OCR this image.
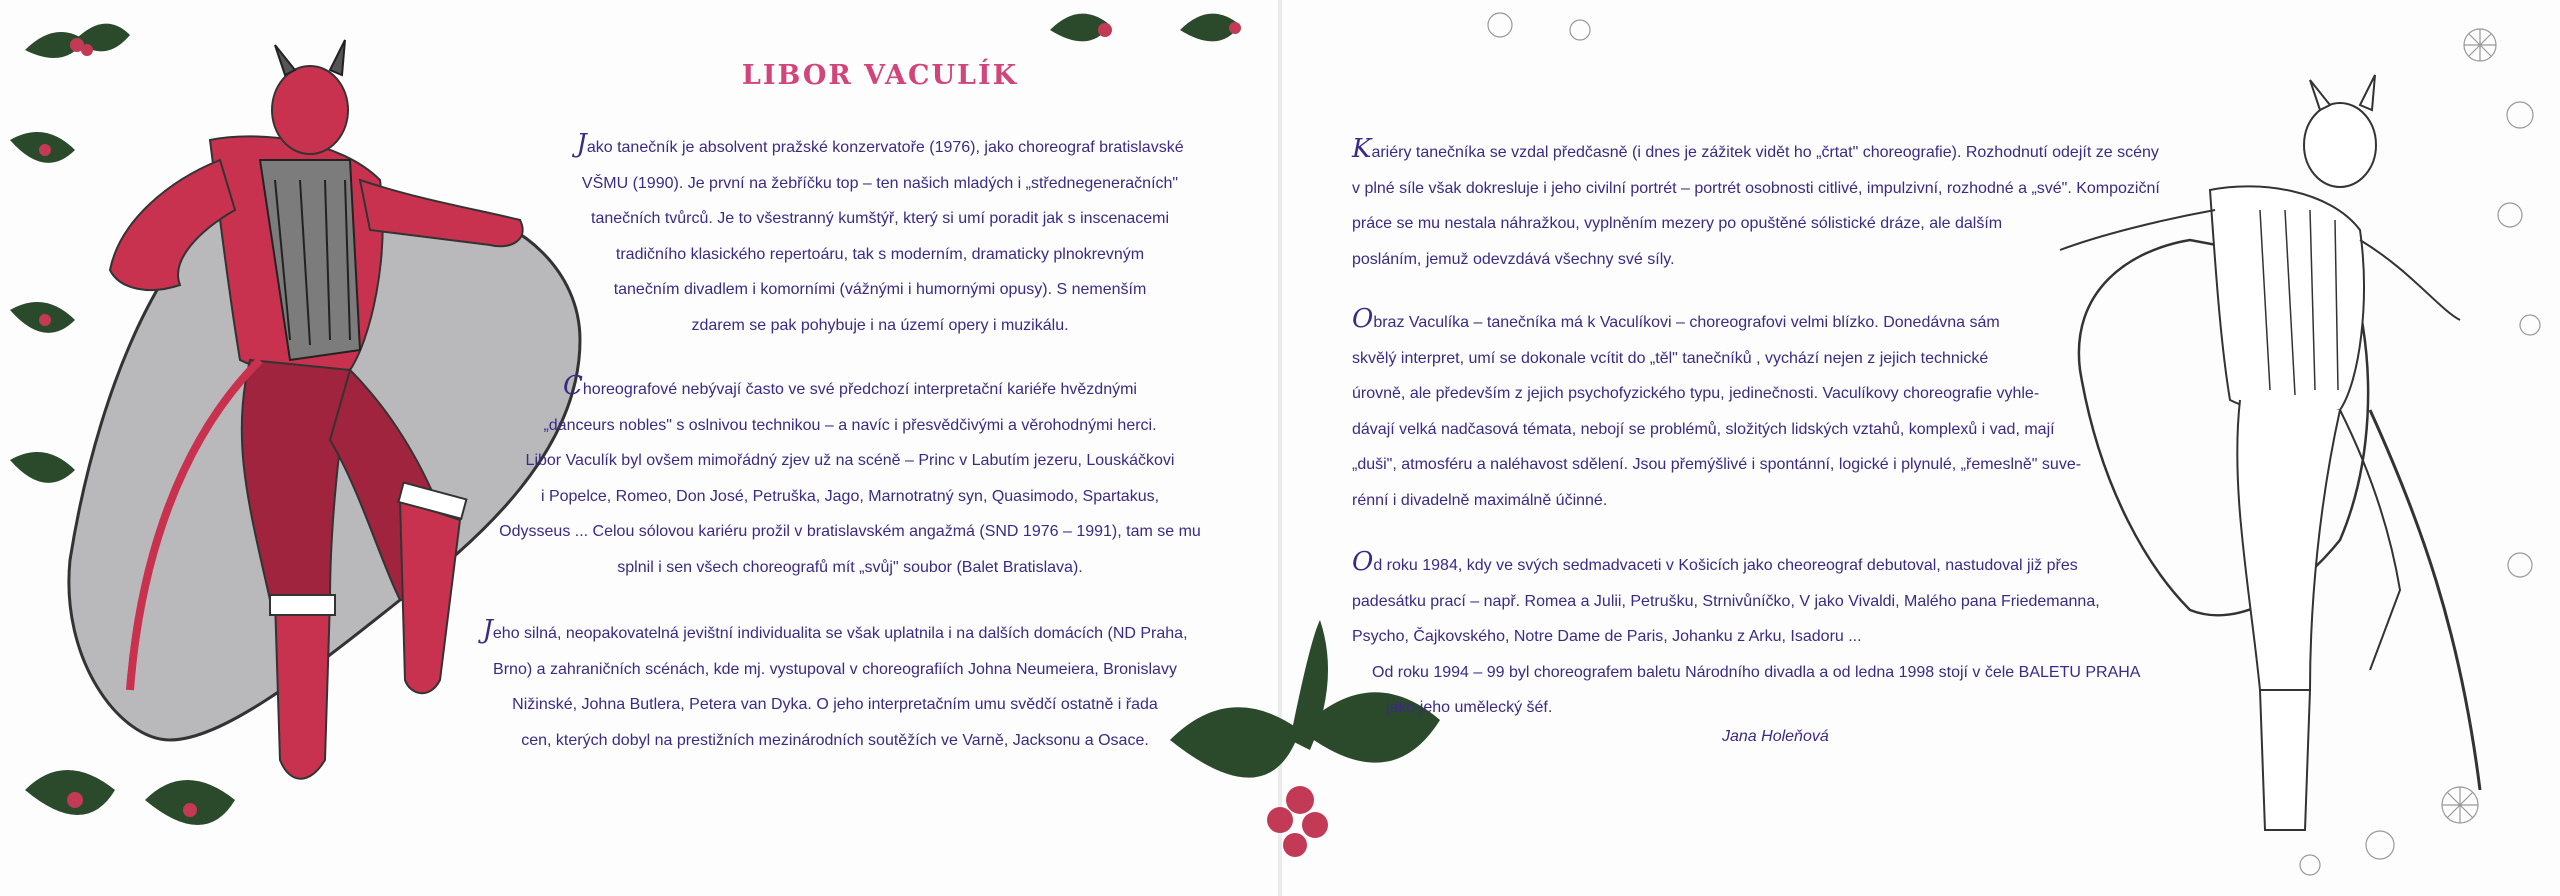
LIBOR VACULÍK
Jako tanečník je absolvent pražské konzervatoře (1976), jako choreograf bratislavské
VŠMU (1990). Je první na žebříčku top – ten našich mladých i „střednegeneračních"
tanečních tvůrců. Je to všestranný kumštýř, který si umí poradit jak s inscenacemi
tradičního klasického repertoáru, tak s moderním, dramaticky plnokrevným
tanečním divadlem i komorními (vážnými i humornými opusy). S nemenším
zdarem se pak pohybuje i na území opery i muzikálu.
Choreografové nebývají často ve své předchozí interpretační kariéře hvězdnými
„danceurs nobles" s oslnivou technikou – a navíc i přesvědčivými a věrohodnými herci.
Libor Vaculík byl ovšem mimořádný zjev už na scéně – Princ v Labutím jezeru, Louskáčkovi
i Popelce, Romeo, Don José, Petruška, Jago, Marnotratný syn, Quasimodo, Spartakus,
Odysseus ... Celou sólovou kariéru prožil v bratislavském angažmá (SND 1976 – 1991), tam se mu
splnil i sen všech choreografů mít „svůj" soubor (Balet Bratislava).
Jeho silná, neopakovatelná jevištní individualita se však uplatnila i na dalších domácích (ND Praha,
Brno) a zahraničních scénách, kde mj. vystupoval v choreografiích Johna Neumeiera, Bronislavy
Nižinské, Johna Butlera, Petera van Dyka. O jeho interpretačním umu svědčí ostatně i řada
cen, kterých dobyl na prestižních mezinárodních soutěžích ve Varně, Jacksonu a Osace.
Kariéry tanečníka se vzdal předčasně (i dnes je zážitek vidět ho „črtat" choreografie). Rozhodnutí odejít ze scény
v plné síle však dokresluje i jeho civilní portrét – portrét osobnosti citlivé, impulzivní, rozhodné a „své". Kompoziční
práce se mu nestala náhražkou, vyplněním mezery po opuštěné sólistické dráze, ale dalším
posláním, jemuž odevzdává všechny své síly.
Obraz Vaculíka – tanečníka má k Vaculíkovi – choreografovi velmi blízko. Donedávna sám
skvělý interpret, umí se dokonale vcítit do „těl" tanečníků , vychází nejen z jejich technické
úrovně, ale především z jejich psychofyzického typu, jedinečnosti. Vaculíkovy choreografie vyhle-
dávají velká nadčasová témata, nebojí se problémů, složitých lidských vztahů, komplexů i vad, mají
„duši", atmosféru a naléhavost sdělení. Jsou přemýšlivé i spontánní, logické i plynulé, „řemeslně" suve-
rénní i divadelně maximálně účinné.
Od roku 1984, kdy ve svých sedmadvaceti v Košicích jako cheoreograf debutoval, nastudoval již přes
padesátku prací – např. Romea a Julii, Petrušku, Strnivůníčko, V jako Vivaldi, Malého pana Friedemanna,
Psycho, Čajkovského, Notre Dame de Paris, Johanku z Arku, Isadoru ...
Od roku 1994 – 99 byl choreografem baletu Národního divadla a od ledna 1998 stojí v čele BALETU PRAHA
jako jeho umělecký šéf.
Jana Holeňová
